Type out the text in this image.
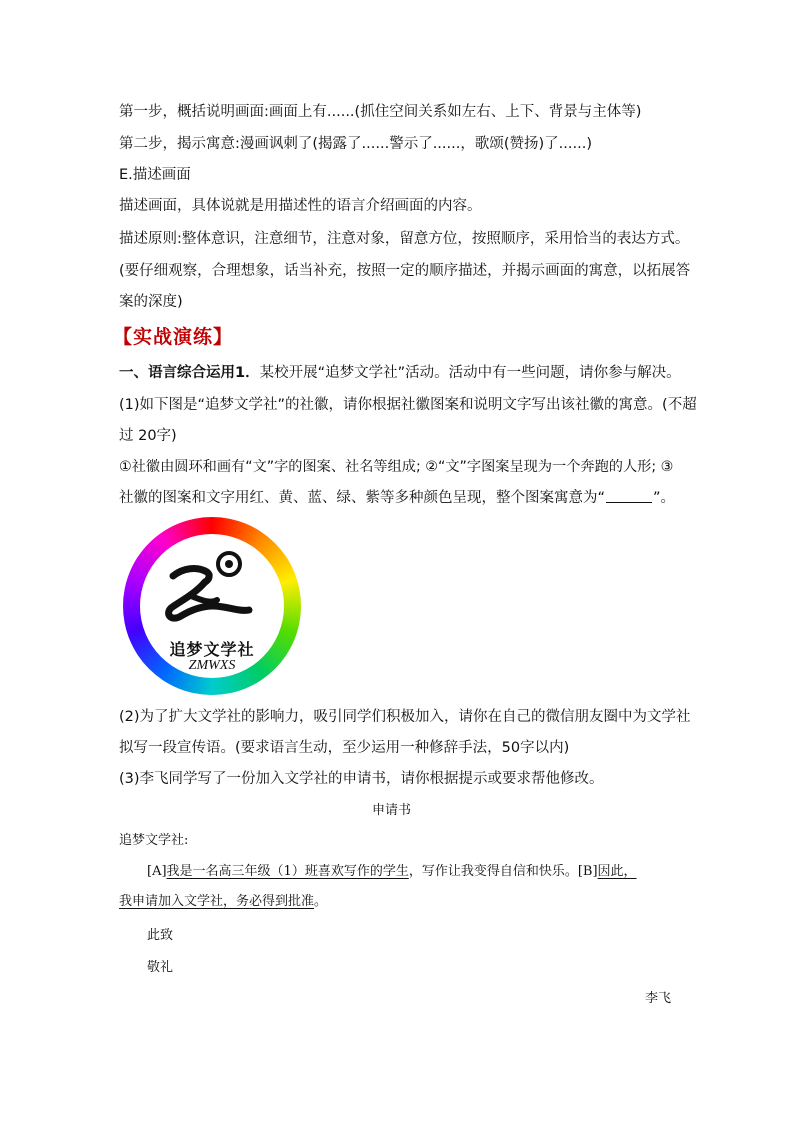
第一步，概括说明画面:画面上有......(抓住空间关系如左右、上下、背景与主体等)
第二步，揭示寓意:漫画讽刺了(揭露了......警示了......，歌颂(赞扬)了......)
E.描述画面
描述画面，具体说就是用描述性的语言介绍画面的内容。
描述原则:整体意识，注意细节，注意对象，留意方位，按照顺序，采用恰当的表达方式。
(要仔细观察，合理想象，话当补充，按照一定的顺序描述，并揭示画面的寓意，以拓展答
案的深度)
【实战演练】
一、语言综合运用1．某校开展“追梦文学社”活动。活动中有一些问题，请你参与解决。
(1)如下图是“追梦文学社”的社徽，请你根据社徽图案和说明文字写出该社徽的寓意。(不超
过 20字)
①社徽由圆环和画有“文”字的图案、社名等组成; ②“文”字图案呈现为一个奔跑的人形; ③
社徽的图案和文字用红、黄、蓝、绿、紫等多种颜色呈现，整个图案寓意为“	”。
追梦文学社
ZMWXS
(2)为了扩大文学社的影响力，吸引同学们积极加入，请你在自己的微信朋友圈中为文学社
拟写一段宣传语。(要求语言生动，至少运用一种修辞手法，50字以内)
(3)李飞同学写了一份加入文学社的申请书，请你根据提示或要求帮他修改。
申请书
追梦文学社:
[A]我是一名高三年级（1）班喜欢写作的学生，写作让我变得自信和快乐。[B]因此，
我申请加入文学社，务必得到批准。
此致
敬礼
李飞
